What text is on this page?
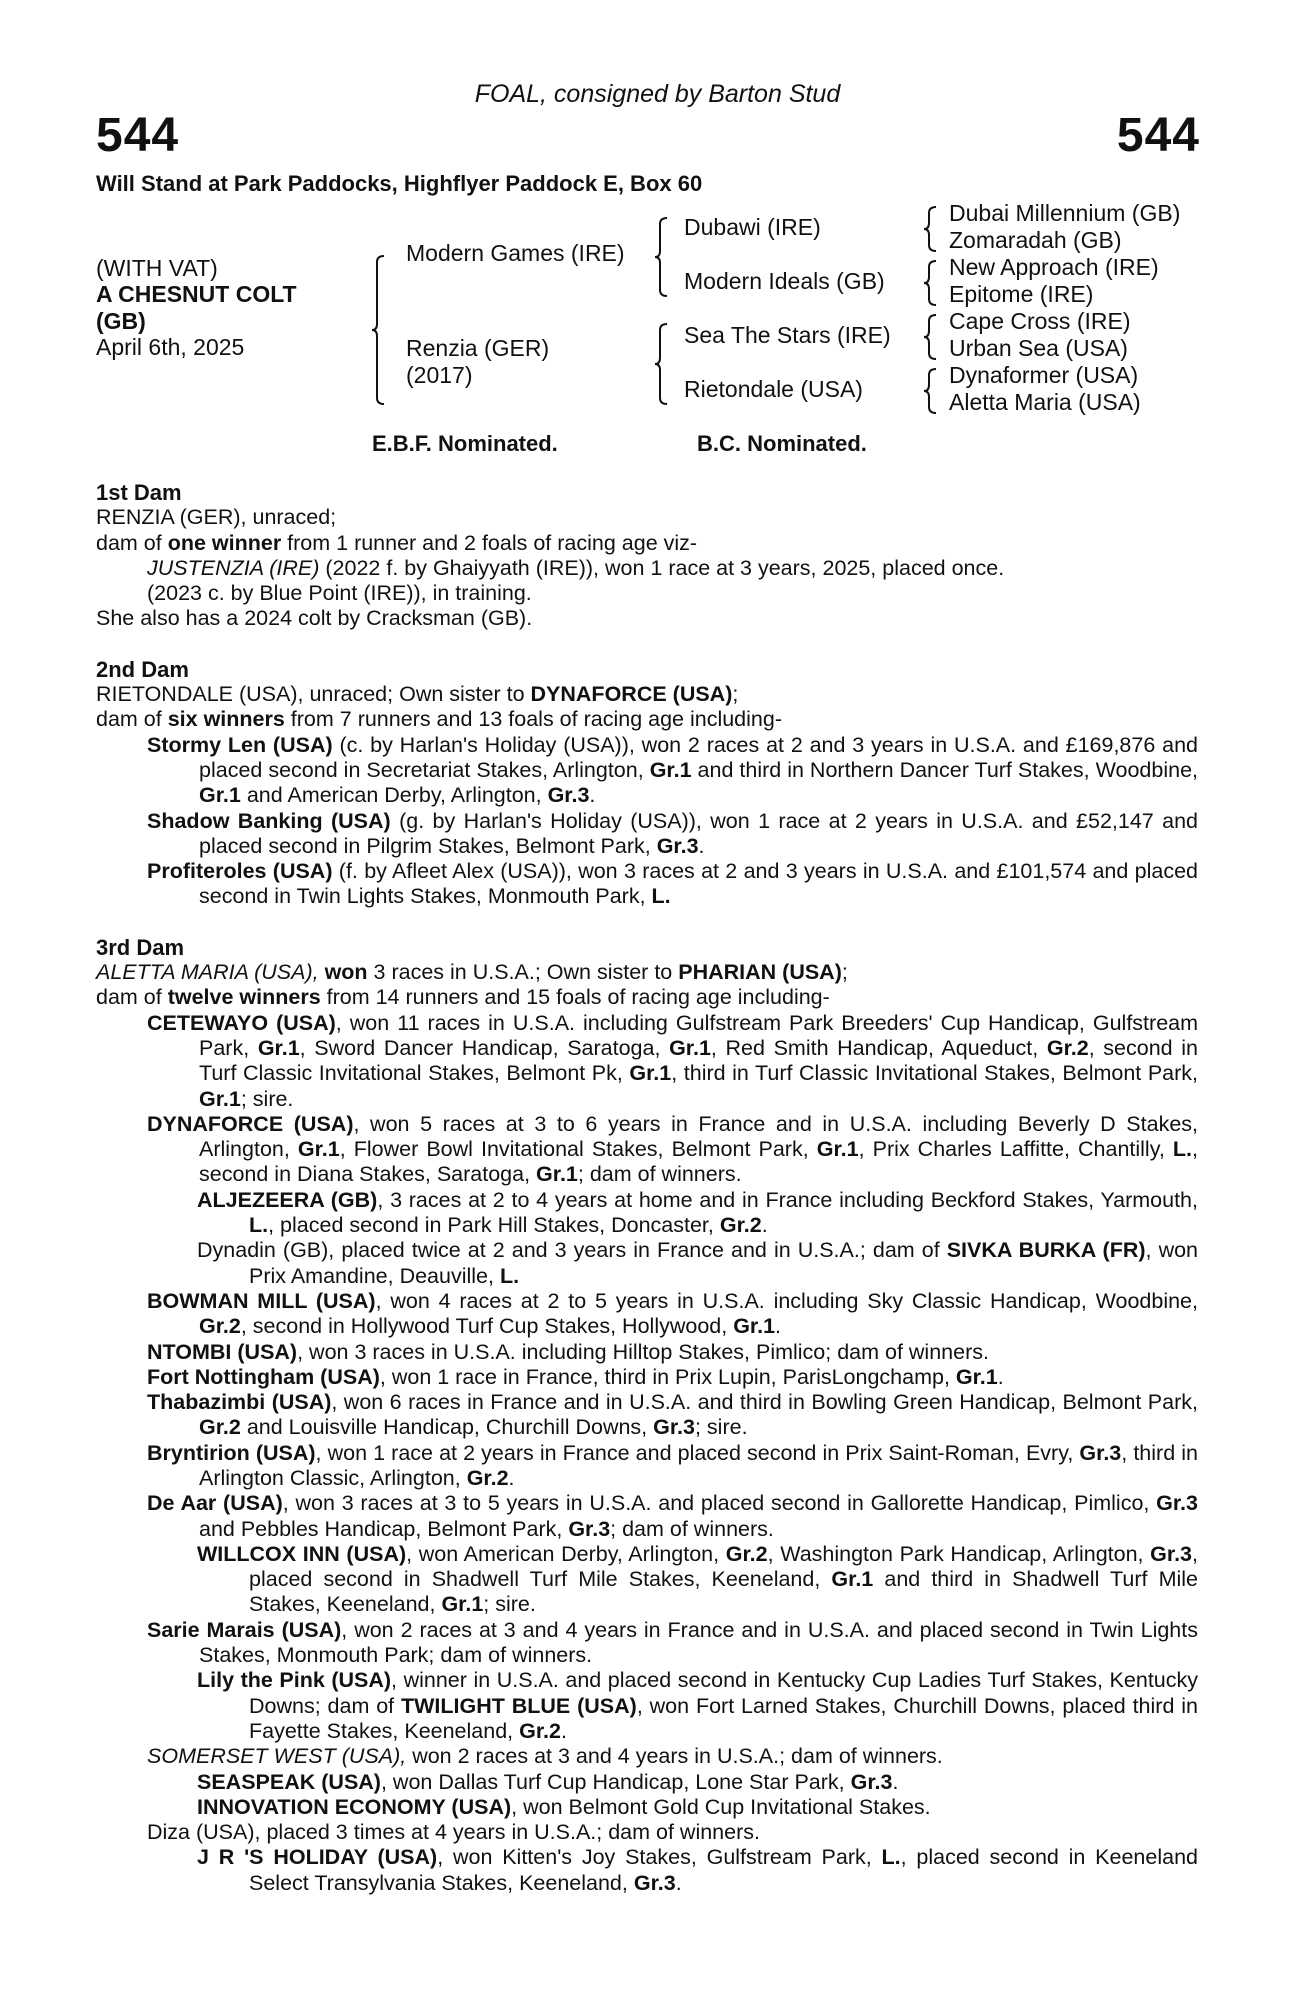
FOAL, consigned by Barton Stud
544	544
Will Stand at Park Paddocks, Highflyer Paddock E, Box 60
(WITH VAT)
A CHESNUT COLT
(GB)
April 6th, 2025
Modern Games (IRE)
Renzia (GER)
(2017)
Dubawi (IRE)
Modern Ideals (GB)
Sea The Stars (IRE)
Rietondale (USA)
Dubai Millennium (GB)
Zomaradah (GB)
New Approach (IRE)
Epitome (IRE)
Cape Cross (IRE)
Urban Sea (USA)
Dynaformer (USA)
Aletta Maria (USA)
E.B.F. Nominated.	B.C. Nominated.
1st Dam
RENZIA (GER), unraced;
dam of one winner from 1 runner and 2 foals of racing age viz-
JUSTENZIA (IRE) (2022 f. by Ghaiyyath (IRE)), won 1 race at 3 years, 2025, placed once.
(2023 c. by Blue Point (IRE)), in training.
She also has a 2024 colt by Cracksman (GB).
2nd Dam
RIETONDALE (USA), unraced; Own sister to DYNAFORCE (USA);
dam of six winners from 7 runners and 13 foals of racing age including-
Stormy Len (USA) (c. by Harlan's Holiday (USA)), won 2 races at 2 and 3 years in U.S.A. and £169,876 and placed second in Secretariat Stakes, Arlington, Gr.1 and third in Northern Dancer Turf Stakes, Woodbine, Gr.1 and American Derby, Arlington, Gr.3.
Shadow Banking (USA) (g. by Harlan's Holiday (USA)), won 1 race at 2 years in U.S.A. and £52,147 and placed second in Pilgrim Stakes, Belmont Park, Gr.3.
Profiteroles (USA) (f. by Afleet Alex (USA)), won 3 races at 2 and 3 years in U.S.A. and £101,574 and placed second in Twin Lights Stakes, Monmouth Park, L.
3rd Dam
ALETTA MARIA (USA), won 3 races in U.S.A.; Own sister to PHARIAN (USA);
dam of twelve winners from 14 runners and 15 foals of racing age including-
CETEWAYO (USA), won 11 races in U.S.A. including Gulfstream Park Breeders' Cup Handicap, Gulfstream Park, Gr.1, Sword Dancer Handicap, Saratoga, Gr.1, Red Smith Handicap, Aqueduct, Gr.2, second in Turf Classic Invitational Stakes, Belmont Pk, Gr.1, third in Turf Classic Invitational Stakes, Belmont Park, Gr.1; sire.
DYNAFORCE (USA), won 5 races at 3 to 6 years in France and in U.S.A. including Beverly D Stakes, Arlington, Gr.1, Flower Bowl Invitational Stakes, Belmont Park, Gr.1, Prix Charles Laffitte, Chantilly, L., second in Diana Stakes, Saratoga, Gr.1; dam of winners.
ALJEZEERA (GB), 3 races at 2 to 4 years at home and in France including Beckford Stakes, Yarmouth, L., placed second in Park Hill Stakes, Doncaster, Gr.2.
Dynadin (GB), placed twice at 2 and 3 years in France and in U.S.A.; dam of SIVKA BURKA (FR), won Prix Amandine, Deauville, L.
BOWMAN MILL (USA), won 4 races at 2 to 5 years in U.S.A. including Sky Classic Handicap, Woodbine, Gr.2, second in Hollywood Turf Cup Stakes, Hollywood, Gr.1.
NTOMBI (USA), won 3 races in U.S.A. including Hilltop Stakes, Pimlico; dam of winners.
Fort Nottingham (USA), won 1 race in France, third in Prix Lupin, ParisLongchamp, Gr.1.
Thabazimbi (USA), won 6 races in France and in U.S.A. and third in Bowling Green Handicap, Belmont Park, Gr.2 and Louisville Handicap, Churchill Downs, Gr.3; sire.
Bryntirion (USA), won 1 race at 2 years in France and placed second in Prix Saint-Roman, Evry, Gr.3, third in Arlington Classic, Arlington, Gr.2.
De Aar (USA), won 3 races at 3 to 5 years in U.S.A. and placed second in Gallorette Handicap, Pimlico, Gr.3 and Pebbles Handicap, Belmont Park, Gr.3; dam of winners.
WILLCOX INN (USA), won American Derby, Arlington, Gr.2, Washington Park Handicap, Arlington, Gr.3, placed second in Shadwell Turf Mile Stakes, Keeneland, Gr.1 and third in Shadwell Turf Mile Stakes, Keeneland, Gr.1; sire.
Sarie Marais (USA), won 2 races at 3 and 4 years in France and in U.S.A. and placed second in Twin Lights Stakes, Monmouth Park; dam of winners.
Lily the Pink (USA), winner in U.S.A. and placed second in Kentucky Cup Ladies Turf Stakes, Kentucky Downs; dam of TWILIGHT BLUE (USA), won Fort Larned Stakes, Churchill Downs, placed third in Fayette Stakes, Keeneland, Gr.2.
SOMERSET WEST (USA), won 2 races at 3 and 4 years in U.S.A.; dam of winners.
SEASPEAK (USA), won Dallas Turf Cup Handicap, Lone Star Park, Gr.3.
INNOVATION ECONOMY (USA), won Belmont Gold Cup Invitational Stakes.
Diza (USA), placed 3 times at 4 years in U.S.A.; dam of winners.
J R 'S HOLIDAY (USA), won Kitten's Joy Stakes, Gulfstream Park, L., placed second in Keeneland Select Transylvania Stakes, Keeneland, Gr.3.
